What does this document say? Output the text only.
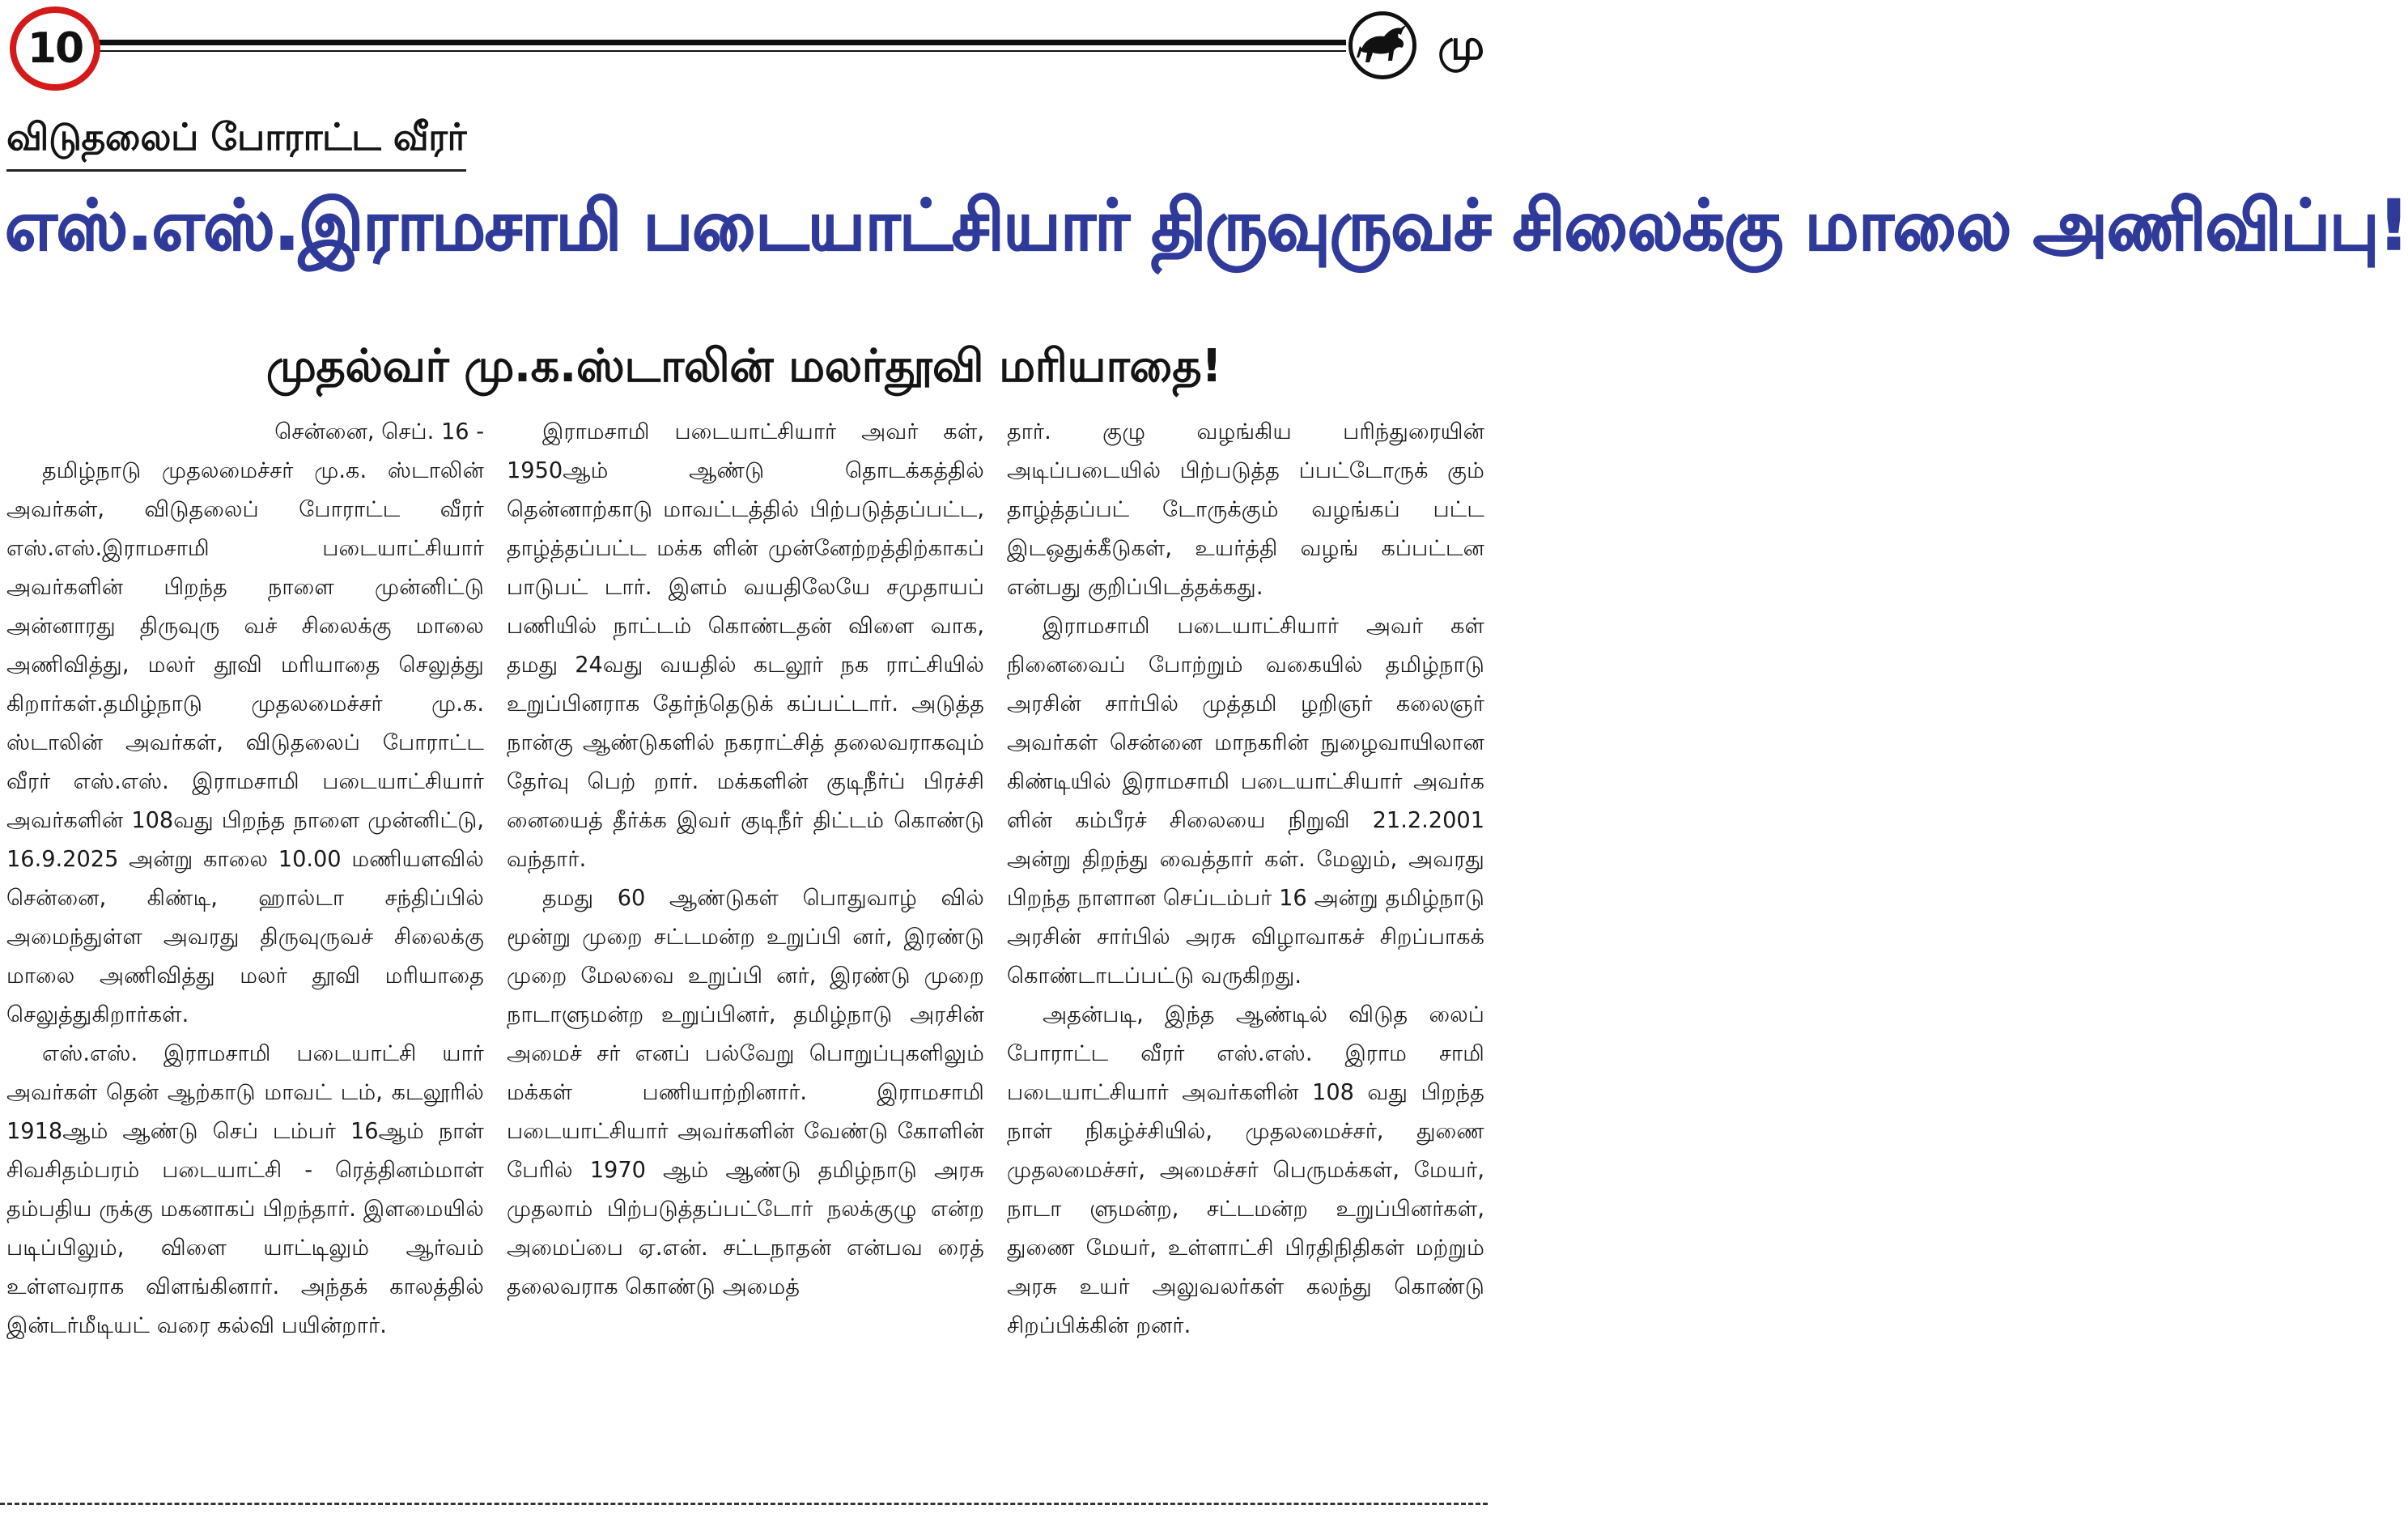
10	மு
விடுதலைப் போராட்ட வீரர்
எஸ்.எஸ்.இராமசாமி படையாட்சியார் திருவுருவச் சிலைக்கு மாலை அணிவிப்பு!
முதல்வர் மு.க.ஸ்டாலின் மலர்தூவி மரியாதை!

சென்னை, செப். 16 -

தமிழ்நாடு முதலமைச்சர் மு.க. ஸ்டாலின் அவர்கள், விடுதலைப் போராட்ட வீரர் எஸ்.எஸ்.இராமசாமி படையாட்சியார் அவர்களின் பிறந்த நாளை முன்னிட்டு அன்னாரது திருவுரு வச் சிலைக்கு மாலை அணிவித்து, மலர் தூவி மரியாதை செலுத்து கிறார்கள்.தமிழ்நாடு முதலமைச்சர் மு.க. ஸ்டாலின் அவர்கள், விடுதலைப் போராட்ட வீரர் எஸ்.எஸ். இராமசாமி படையாட்சியார் அவர்களின் 108வது பிறந்த நாளை முன்னிட்டு, 16.9.2025 அன்று காலை 10.00 மணியளவில் சென்னை, கிண்டி, ஹால்டா சந்திப்பில் அமைந்துள்ள அவரது திருவுருவச் சிலைக்கு மாலை அணிவித்து மலர் தூவி மரியாதை செலுத்துகிறார்கள்.

எஸ்.எஸ். இராமசாமி படையாட்சி யார் அவர்கள் தென் ஆற்காடு மாவட் டம், கடலூரில் 1918ஆம் ஆண்டு செப் டம்பர் 16ஆம் நாள் சிவசிதம்பரம் படையாட்சி - ரெத்தினம்மாள் தம்பதிய ருக்கு மகனாகப் பிறந்தார். இளமையில் படிப்பிலும், விளை யாட்டிலும் ஆர்வம் உள்ளவராக விளங்கினார். அந்தக் காலத்தில் இன்டர்மீடியட் வரை கல்வி பயின்றார்.

இராமசாமி படையாட்சியார் அவர் கள், 1950ஆம் ஆண்டு தொடக்கத்தில் தென்னாற்காடு மாவட்டத்தில் பிற்படுத்தப்பட்ட, தாழ்த்தப்பட்ட மக்க ளின் முன்னேற்றத்திற்காகப் பாடுபட் டார். இளம் வயதிலேயே சமுதாயப் பணியில் நாட்டம் கொண்டதன் விளை வாக, தமது 24வது வயதில் கடலூர் நக ராட்சியில் உறுப்பினராக தேர்ந்தெடுக் கப்பட்டார். அடுத்த நான்கு ஆண்டுகளில் நகராட்சித் தலைவராகவும் தேர்வு பெற் றார். மக்களின் குடிநீர்ப் பிரச்சி னையைத் தீர்க்க இவர் குடிநீர் திட்டம் கொண்டு வந்தார்.

தமது 60 ஆண்டுகள் பொதுவாழ் வில் மூன்று முறை சட்டமன்ற உறுப்பி னர், இரண்டு முறை மேலவை உறுப்பி னர், இரண்டு முறை நாடாளுமன்ற உறுப்பினர், தமிழ்நாடு அரசின் அமைச் சர் எனப் பல்வேறு பொறுப்புகளிலும் மக்கள் பணியாற்றினார். இராமசாமி படையாட்சியார் அவர்களின் வேண்டு கோளின் பேரில் 1970 ஆம் ஆண்டு தமிழ்நாடு அரசு முதலாம் பிற்படுத்தப்பட்டோர் நலக்குழு என்ற அமைப்பை ஏ.என். சட்டநாதன் என்பவ ரைத் தலைவராக கொண்டு அமைத்

தார். குழு வழங்கிய பரிந்துரையின் அடிப்படையில் பிற்படுத்த ப்பட்டோருக் கும் தாழ்த்தப்பட் டோருக்கும் வழங்கப் பட்ட இடஒதுக்கீடுகள், உயர்த்தி வழங் கப்பட்டன என்பது குறிப்பிடத்தக்கது.

இராமசாமி படையாட்சியார் அவர் கள் நினைவைப் போற்றும் வகையில் தமிழ்நாடு அரசின் சார்பில் முத்தமி ழறிஞர் கலைஞர் அவர்கள் சென்னை மாநகரின் நுழைவாயிலான கிண்டியில் இராமசாமி படையாட்சியார் அவர்க ளின் கம்பீரச் சிலையை நிறுவி 21.2.2001 அன்று திறந்து வைத்தார் கள். மேலும், அவரது பிறந்த நாளான செப்டம்பர் 16 அன்று தமிழ்நாடு அரசின் சார்பில் அரசு விழாவாகச் சிறப்பாகக் கொண்டாடப்பட்டு வருகிறது.

அதன்படி, இந்த ஆண்டில் விடுத லைப் போராட்ட வீரர் எஸ்.எஸ். இராம சாமி படையாட்சியார் அவர்களின் 108 வது பிறந்த நாள் நிகழ்ச்சியில், முதலமைச்சர், துணை முதலமைச்சர், அமைச்சர் பெருமக்கள், மேயர், நாடா ளுமன்ற, சட்டமன்ற உறுப்பினர்கள், துணை மேயர், உள்ளாட்சி பிரதிநிதிகள் மற்றும் அரசு உயர் அலுவலர்கள் கலந்து கொண்டு சிறப்பிக்கின் றனர்.
